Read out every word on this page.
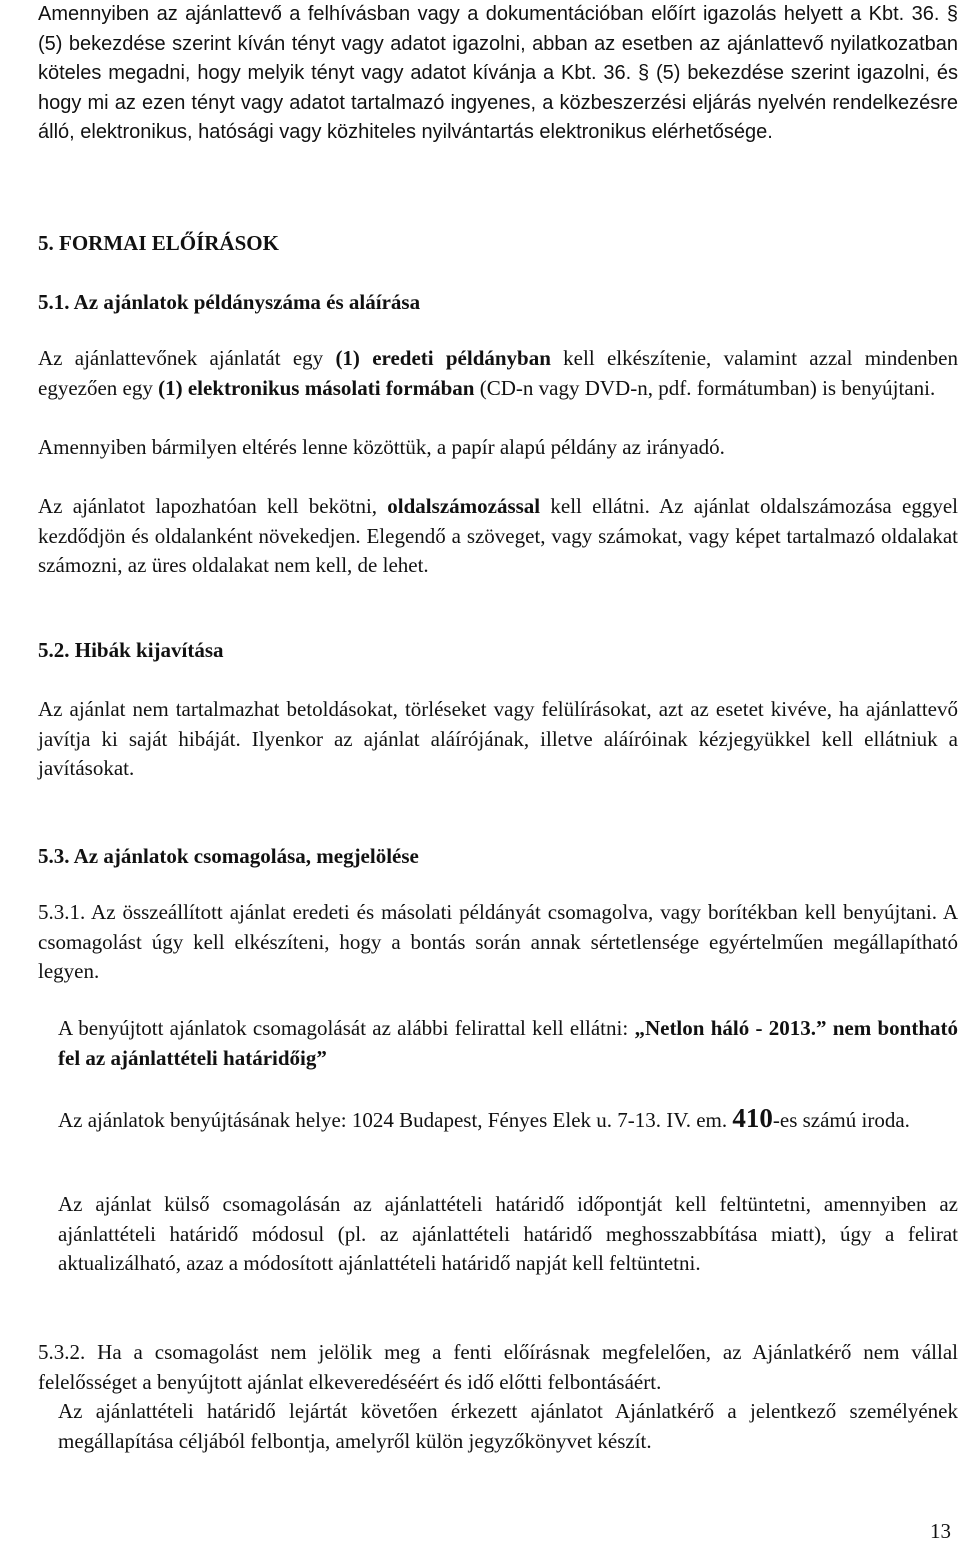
Amennyiben az ajánlattevő a felhívásban vagy a dokumentációban előírt igazolás helyett a Kbt. 36. § (5) bekezdése szerint kíván tényt vagy adatot igazolni, abban az esetben az ajánlattevő nyilatkozatban köteles megadni, hogy melyik tényt vagy adatot kívánja a Kbt. 36. § (5) bekezdése szerint igazolni, és hogy mi az ezen tényt vagy adatot tartalmazó ingyenes, a közbeszerzési eljárás nyelvén rendelkezésre álló, elektronikus, hatósági vagy közhiteles nyilvántartás elektronikus elérhetősége.
5. FORMAI ELŐÍRÁSOK
5.1. Az ajánlatok példányszáma és aláírása
Az ajánlattevőnek ajánlatát egy (1) eredeti példányban kell elkészítenie, valamint azzal mindenben egyezően egy (1) elektronikus másolati formában (CD-n vagy DVD-n, pdf. formátumban) is benyújtani.
Amennyiben bármilyen eltérés lenne közöttük, a papír alapú példány az irányadó.
Az ajánlatot lapozhatóan kell bekötni, oldalszámozással kell ellátni. Az ajánlat oldalszámozása eggyel kezdődjön és oldalanként növekedjen. Elegendő a szöveget, vagy számokat, vagy képet tartalmazó oldalakat számozni, az üres oldalakat nem kell, de lehet.
5.2. Hibák kijavítása
Az ajánlat nem tartalmazhat betoldásokat, törléseket vagy felülírásokat, azt az esetet kivéve, ha ajánlattevő javítja ki saját hibáját. Ilyenkor az ajánlat aláírójának, illetve aláíróinak kézjegyükkel kell ellátniuk a javításokat.
5.3. Az ajánlatok csomagolása, megjelölése
5.3.1. Az összeállított ajánlat eredeti és másolati példányát csomagolva, vagy borítékban kell benyújtani. A csomagolást úgy kell elkészíteni, hogy a bontás során annak sértetlensége egyértelműen megállapítható legyen.
A benyújtott ajánlatok csomagolását az alábbi felirattal kell ellátni: „Netlon háló - 2013.” nem bontható fel az ajánlattételi határidőig”
Az ajánlatok benyújtásának helye: 1024 Budapest, Fényes Elek u. 7-13. IV. em. 410-es számú iroda.
Az ajánlat külső csomagolásán az ajánlattételi határidő időpontját kell feltüntetni, amennyiben az ajánlattételi határidő módosul (pl. az ajánlattételi határidő meghosszabbítása miatt), úgy a felirat aktualizálható, azaz a módosított ajánlattételi határidő napját kell feltüntetni.
5.3.2. Ha a csomagolást nem jelölik meg a fenti előírásnak megfelelően, az Ajánlatkérő nem vállal felelősséget a benyújtott ajánlat elkeveredéséért és idő előtti felbontásáért.
Az ajánlattételi határidő lejártát követően érkezett ajánlatot Ajánlatkérő a jelentkező személyének megállapítása céljából felbontja, amelyről külön jegyzőkönyvet készít.
13
